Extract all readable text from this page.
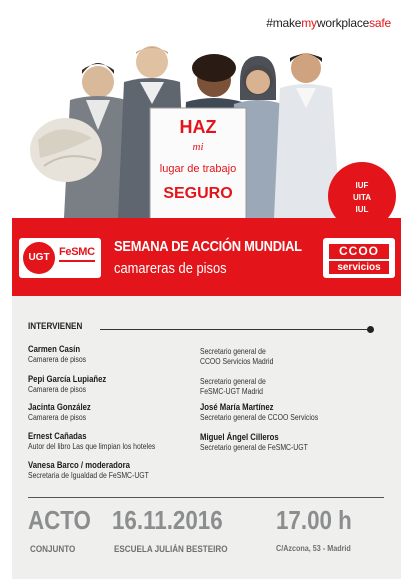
#makemyworkplacesafe
HAZ
mi
lugar de trabajo
SEGURO	IUF
UITA
IUL
UGT FeSMC SEMANA DE ACCIÓN MUNDIAL
camareras de pisos
CCOO
servicios
INTERVIENEN
Carmen Casín
Camarera de pisos
Pepi García Lupiañez
Camarera de pisos
Jacinta González
Camarera de pisos
Ernest Cañadas
Autor del libro Las que limpian los hoteles
Vanesa Barco / moderadora
Secretaria de Igualdad de FeSMC-UGT
Secretario general de
CCOO Servicios Madrid
Secretario general de
FeSMC-UGT Madrid
José María Martínez
Secretario general de CCOO Servicios
Miguel Ángel Cilleros
Secretario general de FeSMC-UGT
ACTO 16.11.2016 17.00 h
CONJUNTO	ESCUELA JULIÁN BESTEIRO	C/Azcona, 53 - Madrid
